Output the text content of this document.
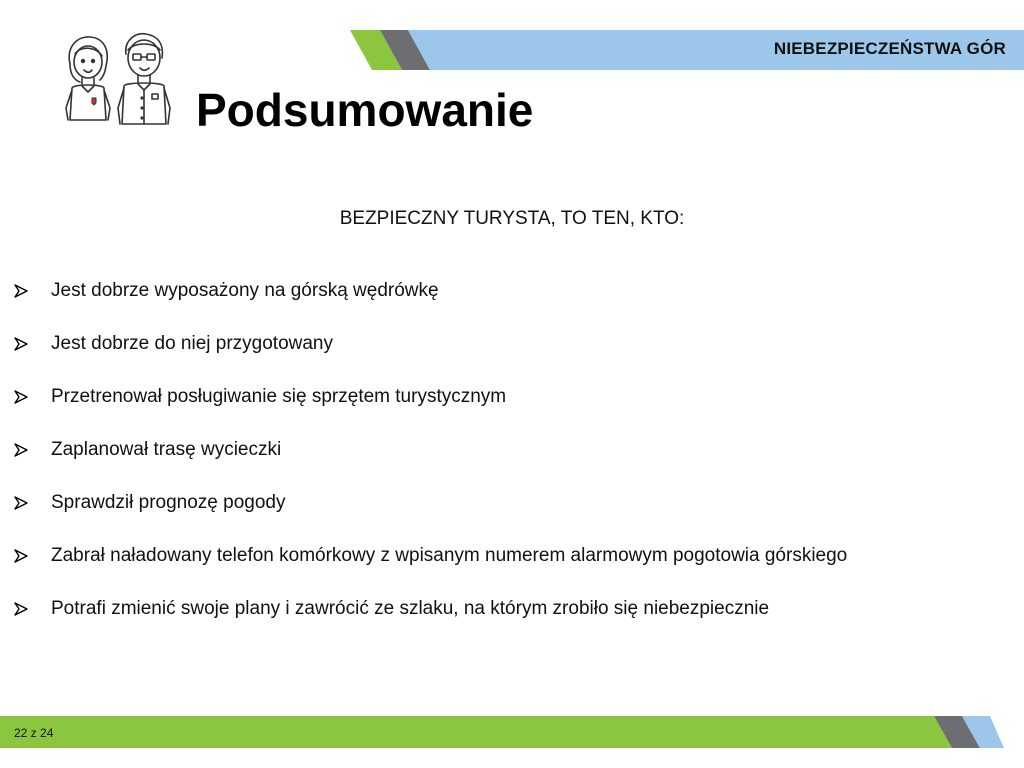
NIEBEZPIECZEŃSTWA GÓR
Podsumowanie
BEZPIECZNY TURYSTA, TO TEN, KTO:
Jest dobrze wyposażony na górską wędrówkę
Jest dobrze do niej przygotowany
Przetrenował posługiwanie się sprzętem turystycznym
Zaplanował trasę wycieczki
Sprawdził prognozę pogody
Zabrał naładowany telefon komórkowy z wpisanym numerem alarmowym pogotowia górskiego
Potrafi zmienić swoje plany i zawrócić ze szlaku, na którym zrobiło się niebezpiecznie
22 z 24
